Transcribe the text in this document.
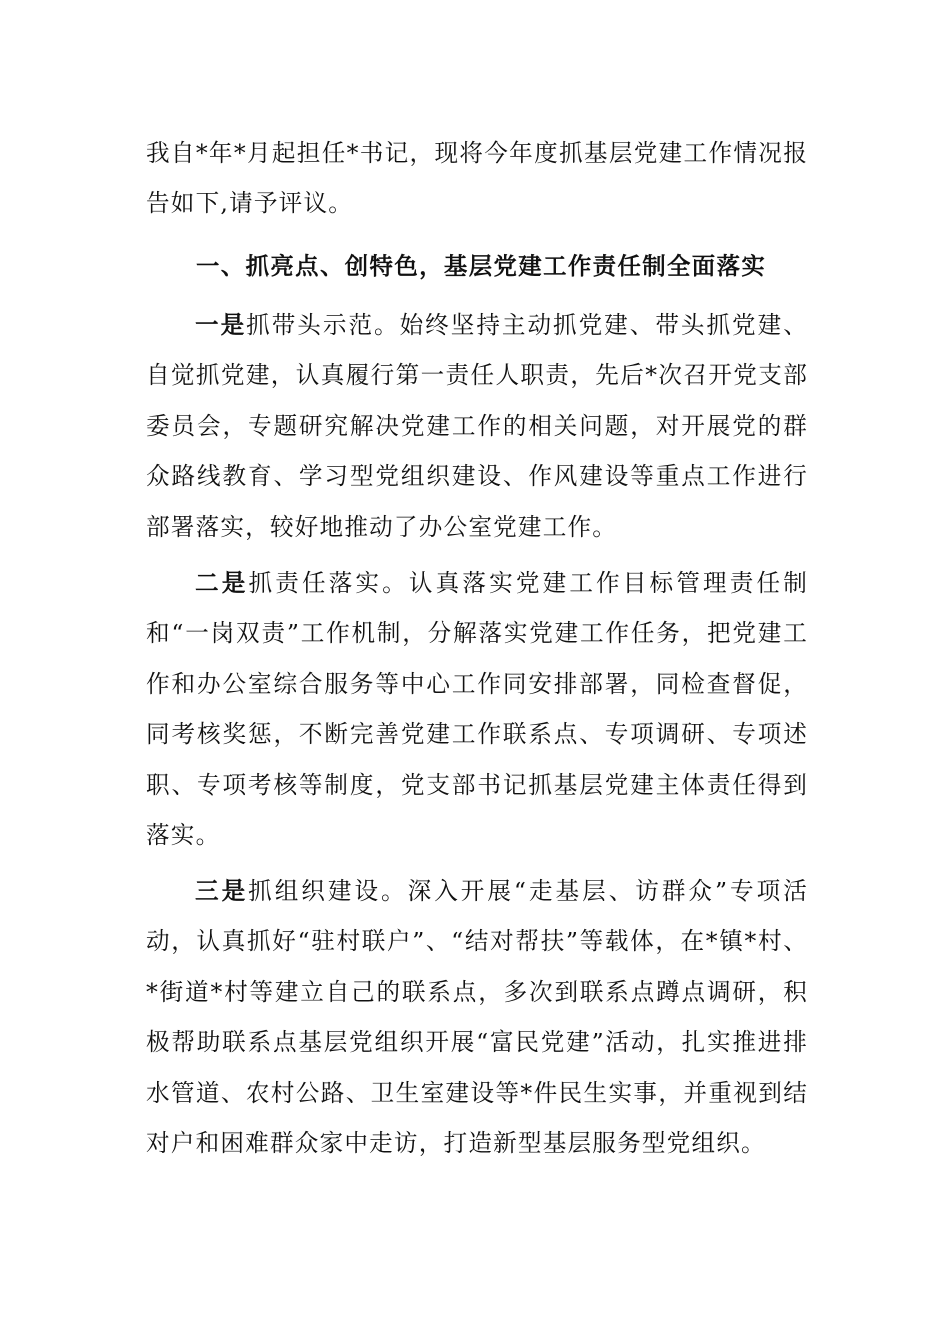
我自*年*月起担任*书记，现将今年度抓基层党建工作情况报告如下,请予评议。

一、抓亮点、创特色，基层党建工作责任制全面落实

一是抓带头示范。始终坚持主动抓党建、带头抓党建、自觉抓党建，认真履行第一责任人职责，先后*次召开党支部委员会，专题研究解决党建工作的相关问题，对开展党的群众路线教育、学习型党组织建设、作风建设等重点工作进行部署落实，较好地推动了办公室党建工作。

二是抓责任落实。认真落实党建工作目标管理责任制和“一岗双责”工作机制，分解落实党建工作任务，把党建工作和办公室综合服务等中心工作同安排部署，同检查督促，同考核奖惩，不断完善党建工作联系点、专项调研、专项述职、专项考核等制度，党支部书记抓基层党建主体责任得到落实。

三是抓组织建设。深入开展“走基层、访群众”专项活动，认真抓好“驻村联户”、“结对帮扶”等载体，在*镇*村、*街道*村等建立自己的联系点，多次到联系点蹲点调研，积极帮助联系点基层党组织开展“富民党建”活动，扎实推进排水管道、农村公路、卫生室建设等*件民生实事，并重视到结对户和困难群众家中走访，打造新型基层服务型党组织。
